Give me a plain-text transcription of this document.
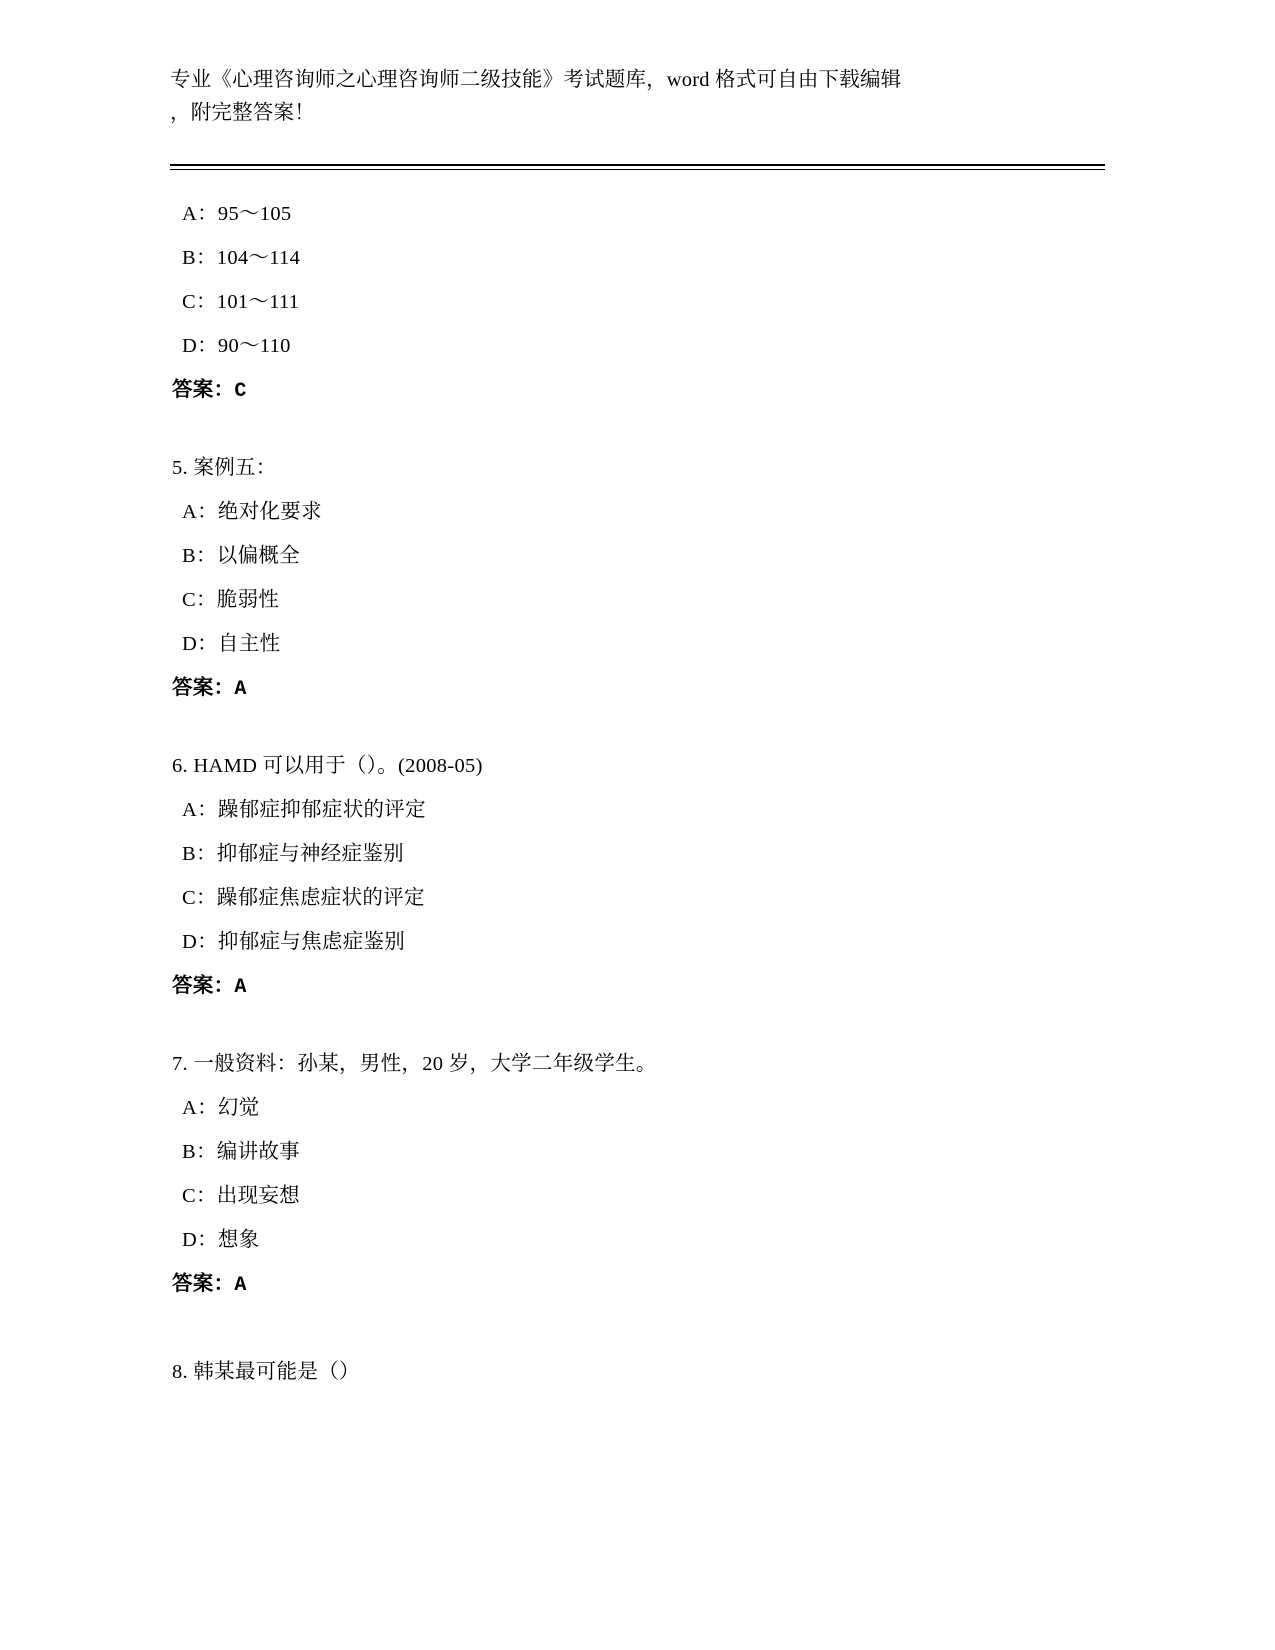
专业《心理咨询师之心理咨询师二级技能》考试题库，word 格式可自由下载编辑
，附完整答案！
A：95～105
B：104～114
C：101～111
D：90～110
答案：C
5. 案例五：
A：绝对化要求
B：以偏概全
C：脆弱性
D：自主性
答案：A
6. HAMD 可以用于（）。(2008-05)
A：躁郁症抑郁症状的评定
B：抑郁症与神经症鉴别
C：躁郁症焦虑症状的评定
D：抑郁症与焦虑症鉴别
答案：A
7. 一般资料：孙某，男性，20 岁，大学二年级学生。
A：幻觉
B：编讲故事
C：出现妄想
D：想象
答案：A
8. 韩某最可能是（）
